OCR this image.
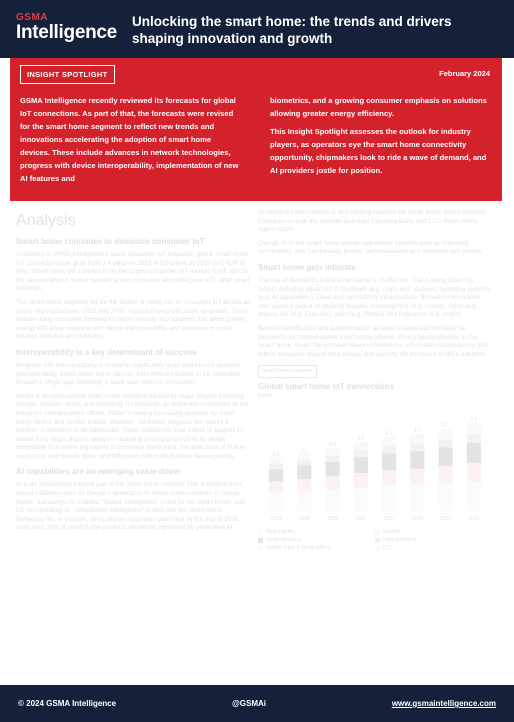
GSMA
Intelligence
Unlocking the smart home: the trends and drivers shaping innovation and growth
INSIGHT SPOTLIGHT	February 2024

GSMA Intelligence recently reviewed its forecasts for global IoT connections. As part of that, the forecasts were revised for the smart home segment to reflect new trends and innovations accelerating the adoption of smart home devices. These include advances in network technologies, progress with device interoperability, implementation of new AI features and

biometrics, and a growing consumer emphasis on solutions allowing greater energy efficiency.

This Insight Spotlight assesses the outlook for industry players, as operators eye the smart home connectivity opportunity, chipmakers look to ride a wave of demand, and AI providers jostle for position.

Analysis
Smart home continues to dominate consumer IoT
According to GSMA Intelligence's latest consumer IoT forecasts, global smart home IoT connections will grow from 3.4 billion in 2023 to 5.6 billion by 2030 (a CAGR of 8%). Smart home will continue to be the largest consumer IoT market. It will also be the second-largest market overall (across consumer and enterprise IoT), after smart buildings.
The smart home segment will be the fastest growing part of consumer IoT across all seven regions between 2023 and 2030. Various drivers will power its growth. These include rising consumer demand for home security and solutions that allow greater energy efficiency, progress with device interoperability, and advances in home devices, features and networks.
Interoperability is a key determinant of success
Progress with interoperability is crucial to significantly grow smart home adoption. Interoperability allows smart home devices from different brands to be controlled through a single app, removing a major pain point for consumers.
Matter is an open-source smart home standard backed by major players including Google, Amazon, Apple and Samsung. It represents an important component of the industry's interoperability efforts. Matter is seeing increasing adoption by smart home device and service brands. However, continued progress will require a number of concerns to be addressed. These include the slow rollout of support for Matter from major players; delays in updating existing products to be Matter compatible from some big names in consumer electronics; the slow pace of Matter support for new device types; and difficulties with multi-platform device pairing.
AI capabilities are an emerging value driver
AI is an increasingly integral part of the smart home concept. This is evident from recent initiatives such as Google's generative AI-driven enhancements to Google Home, Samsung's AI-enabled "Spatial Intelligence" vision for the smart home, and LG incorporating its "Affectionate Intelligence" AI tech into the smart home. Reflecting this AI infusion, some analyst estimates claim that by the end of 2026 more than 30% of smart home products should be supported by generative AI.
AI combined with robotics is also helping redefine the smart home device portfolio. Examples include the recently launched Samsung Ballie and LG's Smart Home Agent robots.
Overall, AI in the smart home should help deliver benefits such as improved functionality, new functionality, greater personalisation and improved self-service.
Smart home gets intimate
The use of biometrics in the smart home is on the rise. This is being driven by factors including advances in hardware (e.g. chips and sensors), operating systems (e.g. AI capabilities), cloud and connectivity infrastructure. Biometrics innovation now spans a gamut of physical features including face (e.g. Lockly), voice (e.g. Aqara), iris (e.g. EyeLock), palm (e.g. Philips) and fingerprint (e.g. U-tec).
Beyond identification and authentication, an area of value-add will likely be biometrics for context-aware smart home actions, driving personalisation in the smart home. Given the intimate nature of biometrics, information transparency and robust measures around data privacy and security will be crucial to drive adoption.
Smart home consumer
Global smart home IoT connections
Billion
3.4
2023
3.7
2024
4.0
2025
4.4
2026
4.7
2027
4.9
2028
5.2
2029
5.6
2030
Asia Pacific	Europe
North America	Latin America
Middle East & North Africa	CIS
© 2024 GSMA Intelligence	@GSMAi	www.gsmaintelligence.com
